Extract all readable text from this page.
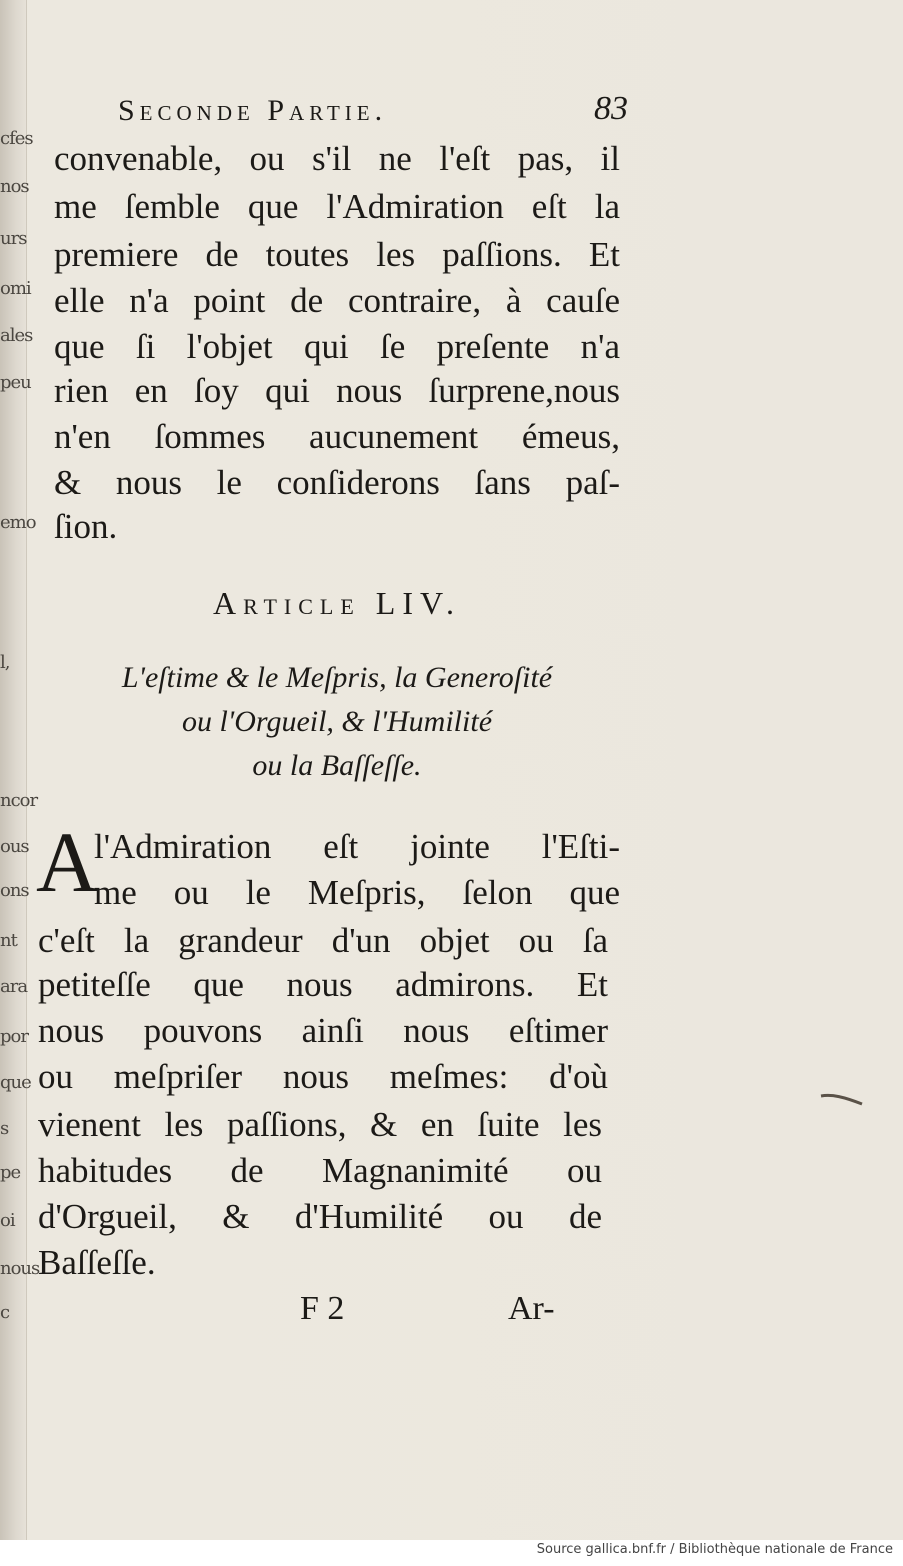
cfes
nos
urs
omi
ales
peu
emo
l,
ncor
ous
ons
nt
ara
por
que
s
pe
oi
nous
c
Seconde Partie.	83

convenable, ou s'il ne l'eſt pas, il

me ſemble que l'Admiration eſt la

premiere de toutes les paſſions. Et

elle n'a point de contraire, à cauſe

que ſi l'objet qui ſe preſente n'a

rien en ſoy qui nous ſurprene,nous

n'en ſommes aucunement émeus,

& nous le conſiderons ſans paſ-

ſion.

Article LIV.
L'eſtime & le Meſpris, la Generoſité
ou l'Orgueil, & l'Humilité
ou la Baſſeſſe.
A
l'Admiration eſt jointe l'Eſti-
me ou le Meſpris, ſelon que
c'eſt la grandeur d'un objet ou ſa
petiteſſe que nous admirons. Et
nous pouvons ainſi nous eſtimer
ou meſpriſer nous meſmes: d'où
vienent les paſſions, & en ſuite les
habitudes de Magnanimité ou
d'Orgueil, & d'Humilité ou de
Baſſeſſe.
F 2	Ar-
Source gallica.bnf.fr / Bibliothèque nationale de France
